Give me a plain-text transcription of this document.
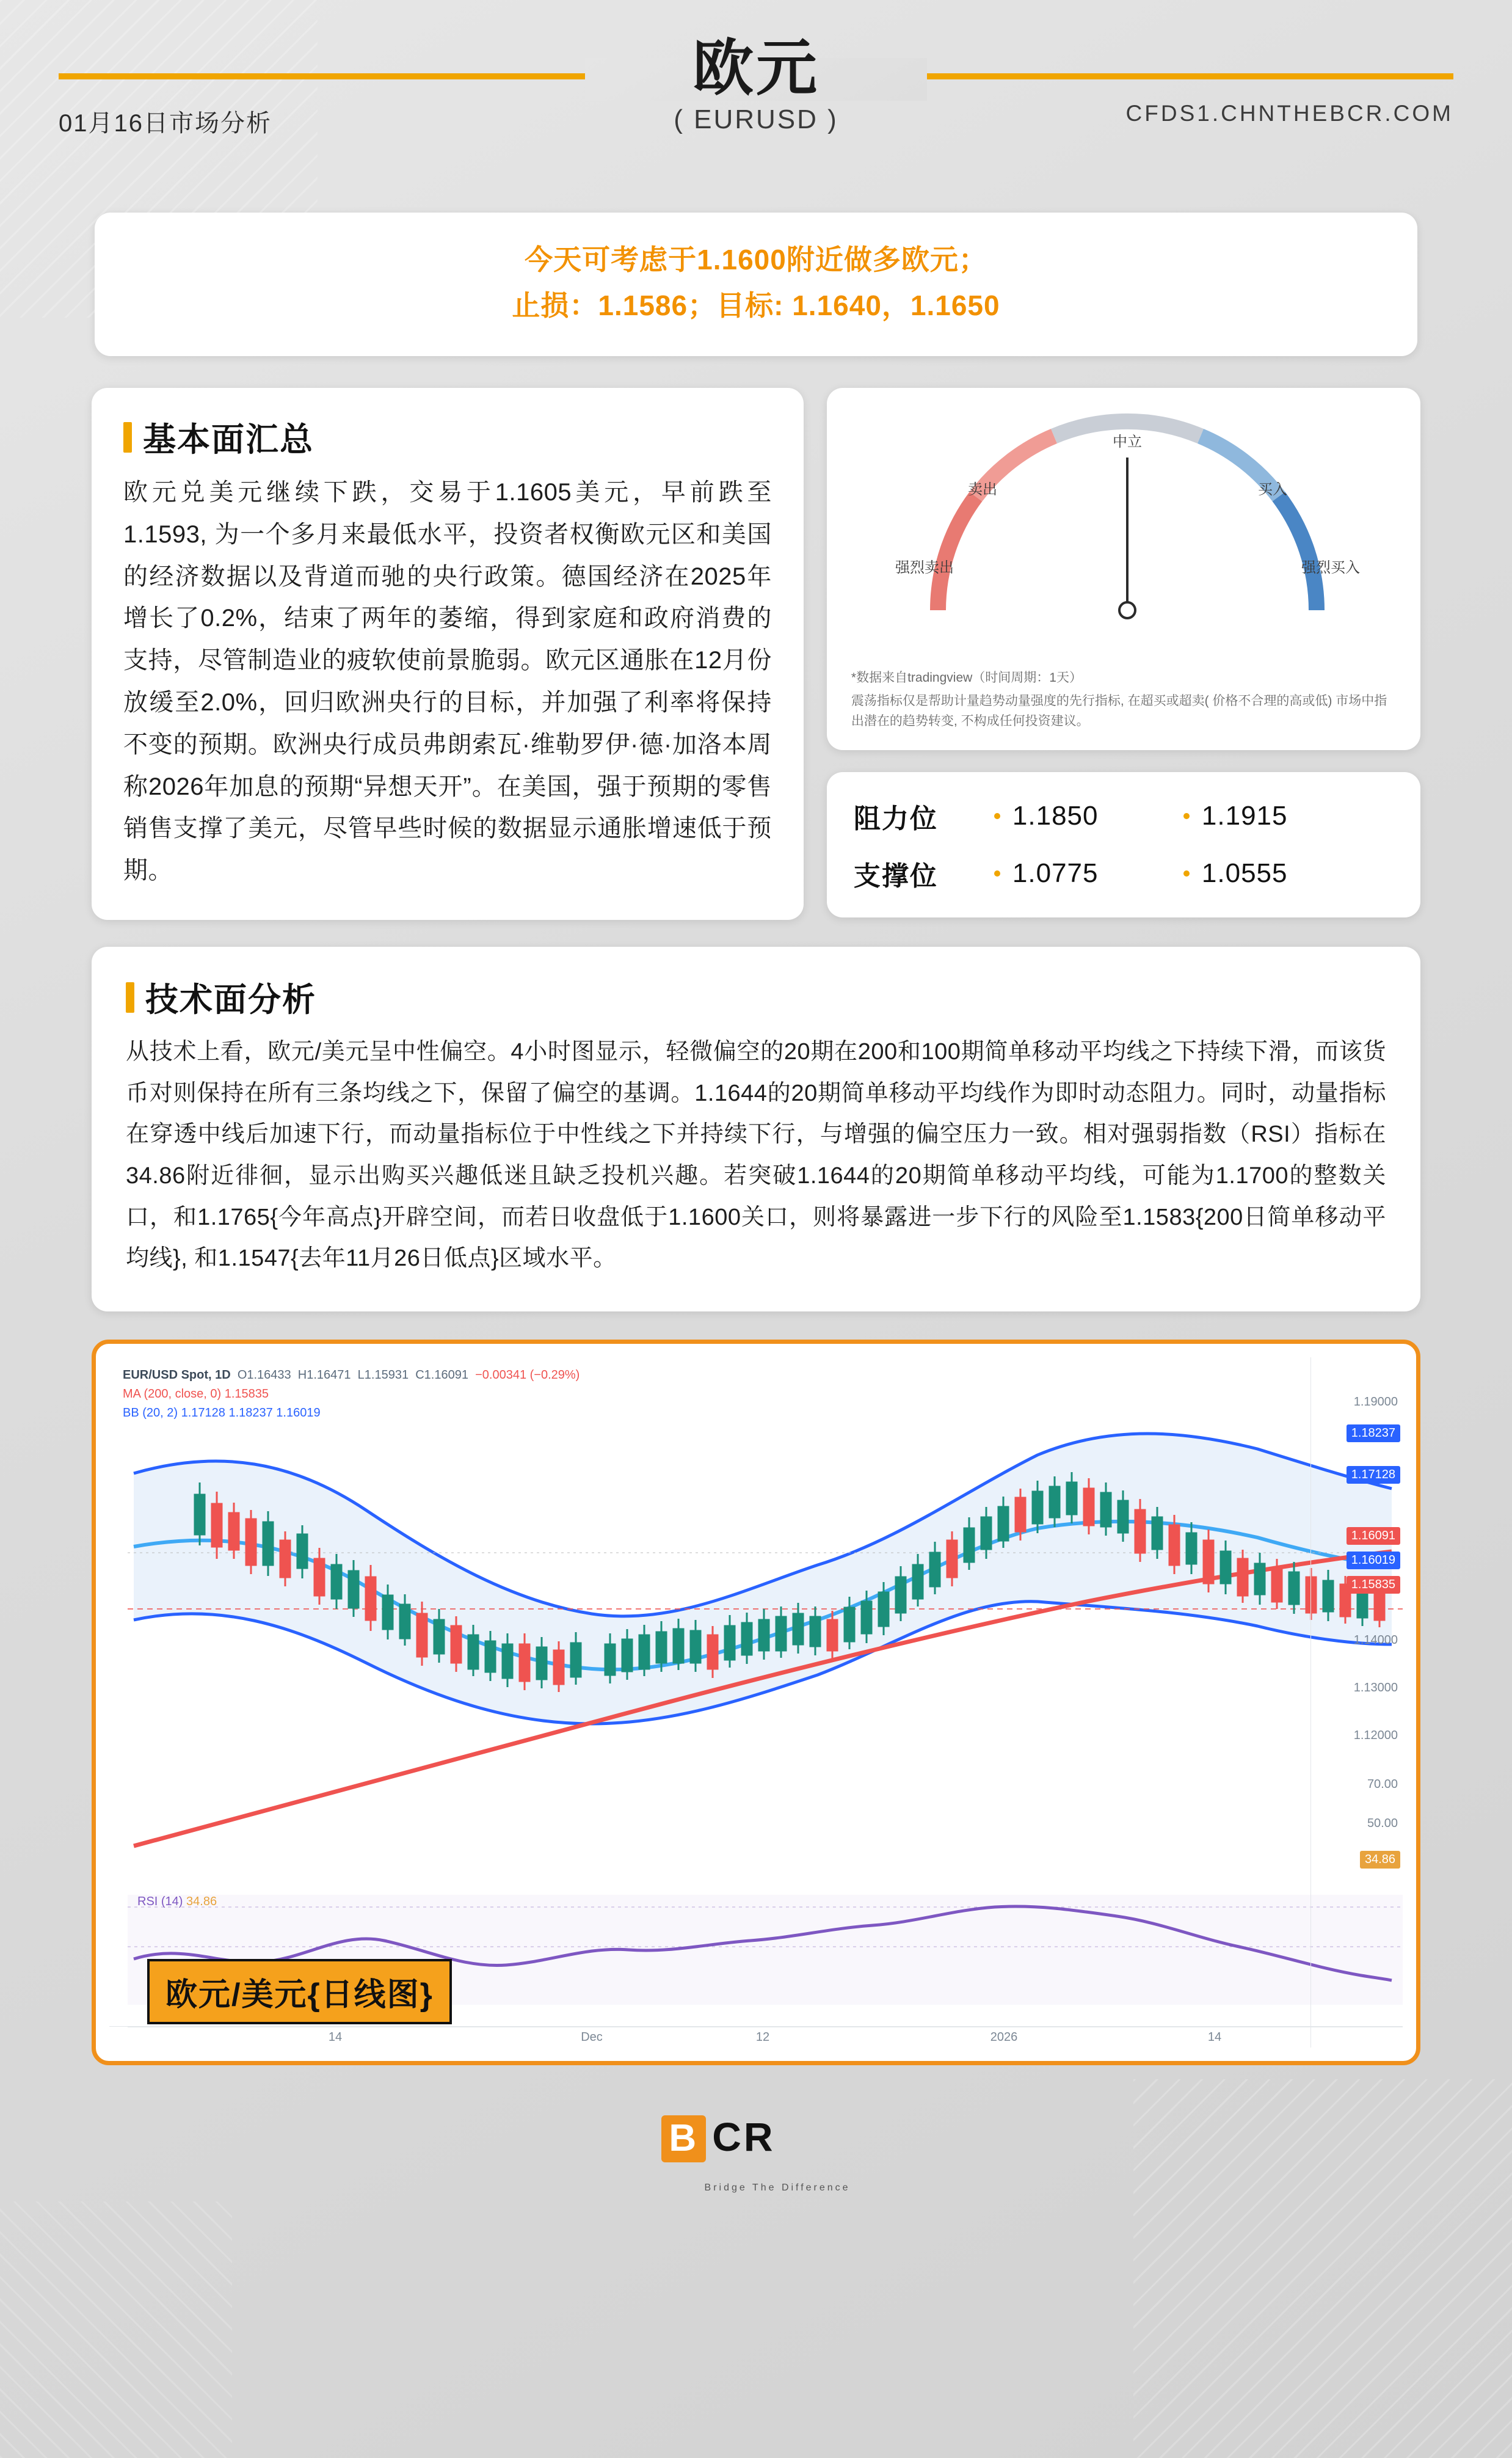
01月16日市场分析
欧元
( EURUSD )	CFDS1.CHNTHEBCR.COM
今天可考虑于1.1600附近做多欧元；
止损：1.1586；目标: 1.1640，1.1650
基本面汇总
欧元兑美元继续下跌，交易于1.1605美元，早前跌至1.1593, 为一个多月来最低水平，投资者权衡欧元区和美国的经济数据以及背道而驰的央行政策。德国经济在2025年增长了0.2%，结束了两年的萎缩，得到家庭和政府消费的支持，尽管制造业的疲软使前景脆弱。欧元区通胀在12月份放缓至2.0%，回归欧洲央行的目标，并加强了利率将保持不变的预期。欧洲央行成员弗朗索瓦·维勒罗伊·德·加洛本周称2026年加息的预期“异想天开”。在美国，强于预期的零售销售支撑了美元，尽管早些时候的数据显示通胀增速低于预期。
中立
卖出	买入
强烈卖出	强烈买入
*数据来自tradingview（时间周期：1天）
震荡指标仅是帮助计量趋势动量强度的先行指标, 在超买或超卖( 价格不合理的高或低) 市场中指出潜在的趋势转变, 不构成任何投资建议。
阻力位	1.1850	1.1915
支撑位	1.0775	1.0555
技术面分析
从技术上看，欧元/美元呈中性偏空。4小时图显示，轻微偏空的20期在200和100期简单移动平均线之下持续下滑，而该货币对则保持在所有三条均线之下，保留了偏空的基调。1.1644的20期简单移动平均线作为即时动态阻力。同时，动量指标在穿透中线后加速下行，而动量指标位于中性线之下并持续下行，与增强的偏空压力一致。相对强弱指数（RSI）指标在34.86附近徘徊，显示出购买兴趣低迷且缺乏投机兴趣。若突破1.1644的20期简单移动平均线，可能为1.1700的整数关口，和1.1765{今年高点}开辟空间，而若日收盘低于1.1600关口，则将暴露进一步下行的风险至1.1583{200日简单移动平均线}, 和1.1547{去年11月26日低点}区域水平。
EUR/USD Spot, 1D O1.16433 H1.16471 L1.15931 C1.16091 −0.00341 (−0.29%)
MA (200, close, 0) 1.15835
BB (20, 2) 1.17128 1.18237 1.16019
1.19000
1.18237
1.17128
1.16091
1.16019
1.15835
1.14000
1.13000
1.12000
70.00
50.00
34.86
RSI (14) 34.86
14	Dec	12	2026	14
欧元/美元{日线图}
B CR
Bridge The Difference
